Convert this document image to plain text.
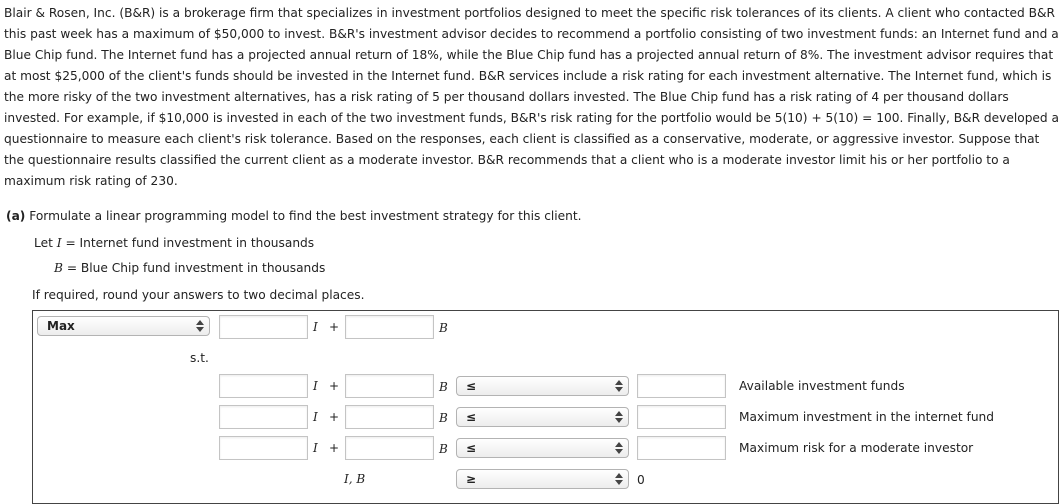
Blair & Rosen, Inc. (B&R) is a brokerage firm that specializes in investment portfolios designed to meet the specific risk tolerances of its clients. A client who contacted B&R this past week has a maximum of $50,000 to invest. B&R's investment advisor decides to recommend a portfolio consisting of two investment funds: an Internet fund and a Blue Chip fund. The Internet fund has a projected annual return of 18%, while the Blue Chip fund has a projected annual return of 8%. The investment advisor requires that at most $25,000 of the client's funds should be invested in the Internet fund. B&R services include a risk rating for each investment alternative. The Internet fund, which is the more risky of the two investment alternatives, has a risk rating of 5 per thousand dollars invested. The Blue Chip fund has a risk rating of 4 per thousand dollars invested. For example, if $10,000 is invested in each of the two investment funds, B&R's risk rating for the portfolio would be 5(10) + 5(10) = 100. Finally, B&R developed a questionnaire to measure each client's risk tolerance. Based on the responses, each client is classified as a conservative, moderate, or aggressive investor. Suppose that the questionnaire results classified the current client as a moderate investor. B&R recommends that a client who is a moderate investor limit his or her portfolio to a maximum risk rating of 230.

(a) Formulate a linear programming model to find the best investment strategy for this client.

Let I = Internet fund investment in thousands

B = Blue Chip fund investment in thousands

If required, round your answers to two decimal places.

Max	I +	B
s.t.
I +	B	≤	Available investment funds
I +	B	≤	Maximum investment in the internet fund
I +	B	≤	Maximum risk for a moderate investor
I, B	≥	0
